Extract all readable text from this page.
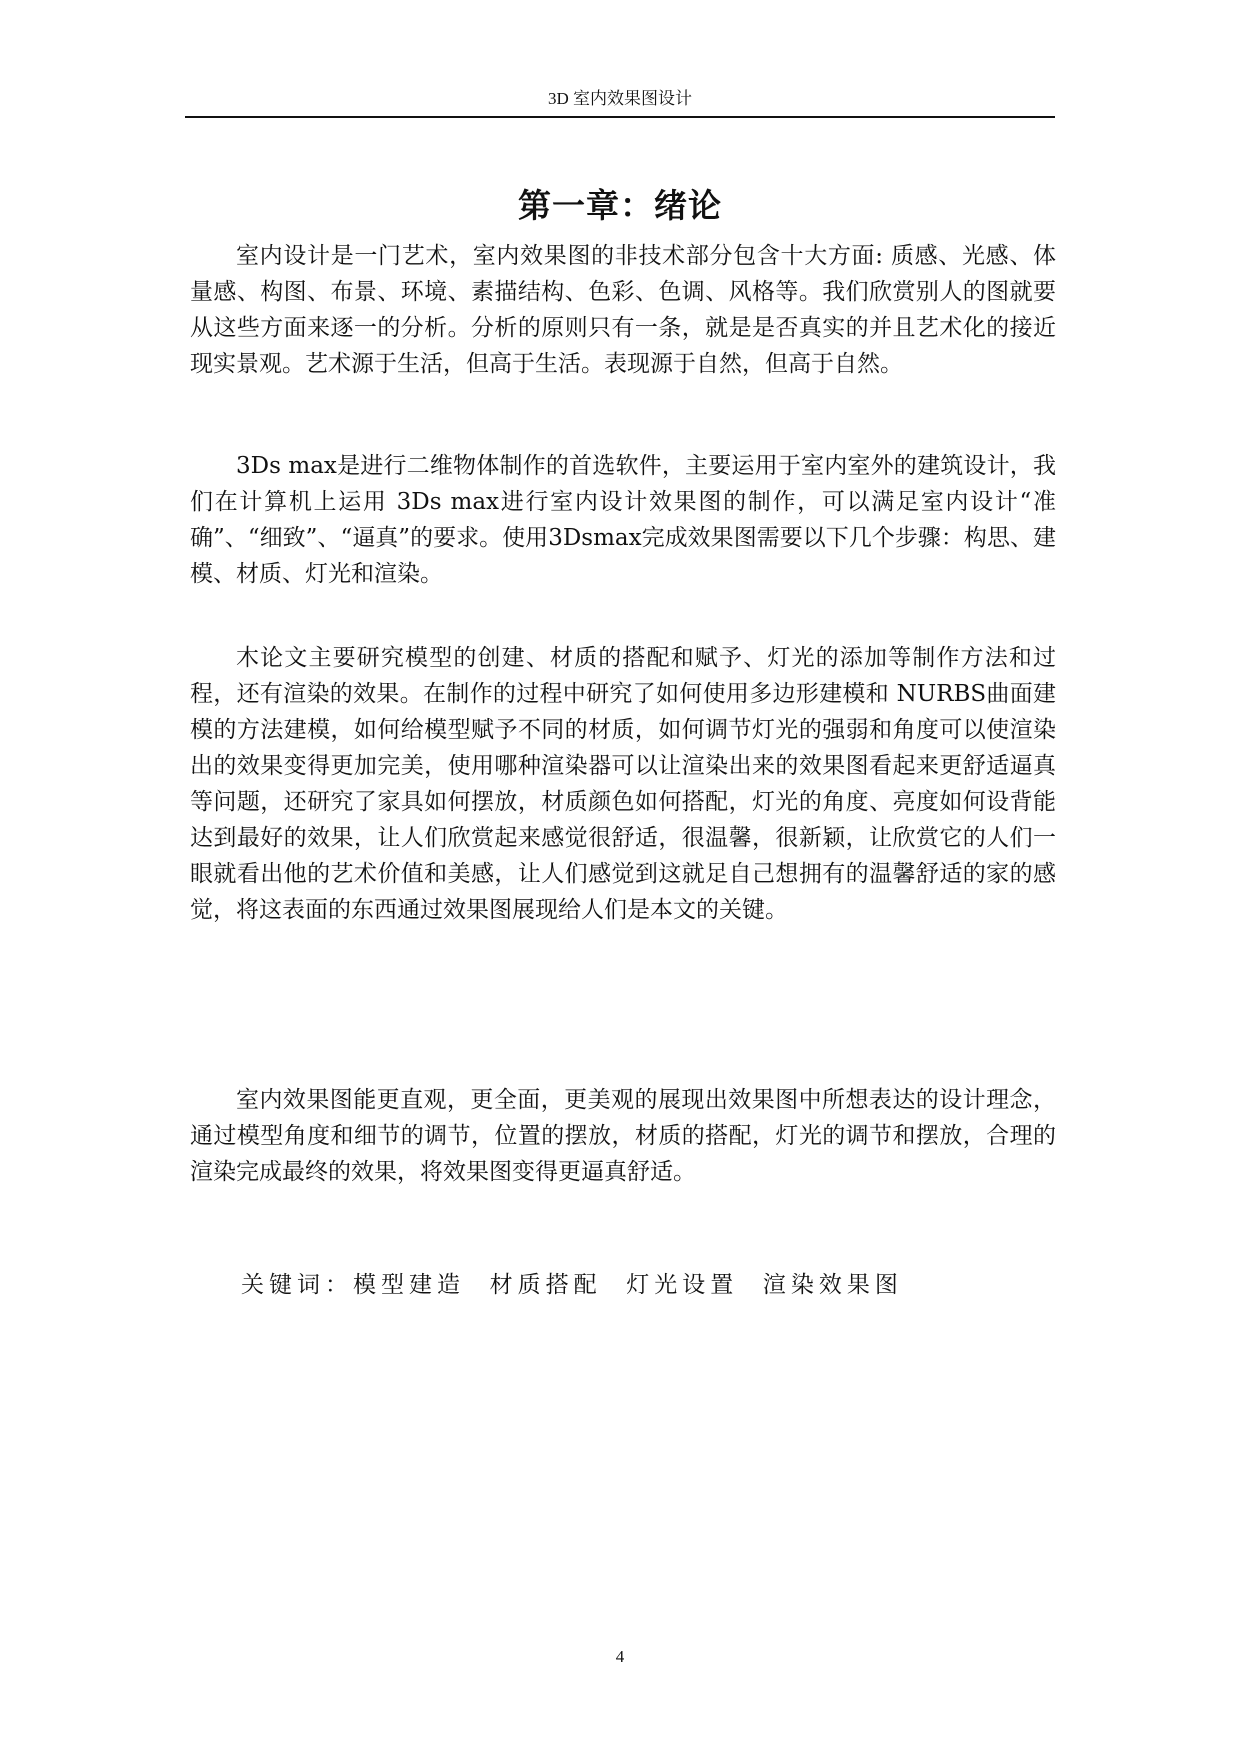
3D 室内效果图设计
第一章：绪论

室内设计是一门艺术，室内效果图的非技术部分包含十大方面: 质感、光感、体量感、构图、布景、环境、素描结构、色彩、色调、风格等。我们欣赏别人的图就要从这些方面来逐一的分析。分析的原则只有一条，就是是否真实的并且艺术化的接近现实景观。艺术源于生活，但高于生活。表现源于自然，但高于自然。

3Ds max是进行二维物体制作的首选软件，主要运用于室内室外的建筑设计，我们在计算机上运用 3Ds max进行室内设计效果图的制作，可以满足室内设计“准确”、“细致”、“逼真”的要求。使用3Dsmax完成效果图需要以下几个步骤：构思、建模、材质、灯光和渲染。

木论文主要研究模型的创建、材质的搭配和赋予、灯光的添加等制作方法和过程，还有渲染的效果。在制作的过程中研究了如何使用多边形建模和 NURBS曲面建模的方法建模，如何给模型赋予不同的材质，如何调节灯光的强弱和角度可以使渲染出的效果变得更加完美，使用哪种渲染器可以让渲染出来的效果图看起来更舒适逼真等问题，还研究了家具如何摆放，材质颜色如何搭配，灯光的角度、亮度如何设背能达到最好的效果，让人们欣赏起来感觉很舒适，很温馨，很新颖，让欣赏它的人们一眼就看出他的艺术价值和美感，让人们感觉到这就足自己想拥有的温馨舒适的家的感觉，将这表面的东西通过效果图展现给人们是本文的关键。

室内效果图能更直观，更全面，更美观的展现出效果图中所想表达的设计理念，通过模型角度和细节的调节，位置的摆放，材质的搭配，灯光的调节和摆放，合理的渲染完成最终的效果，将效果图变得更逼真舒适。

关键词：模型建造  材质搭配  灯光设置  渲染效果图
4
